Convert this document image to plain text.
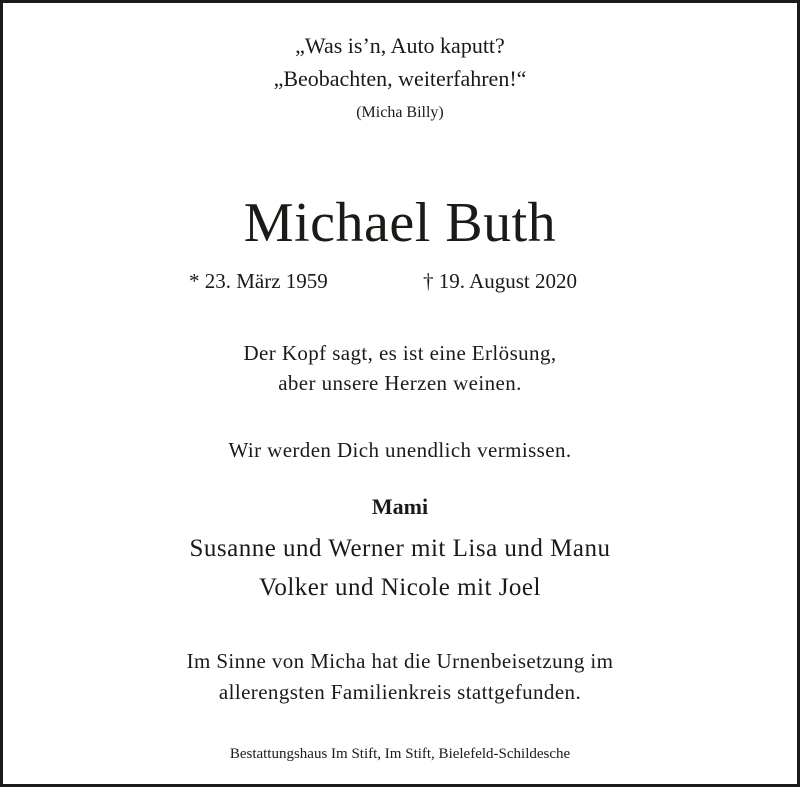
„Was is’n, Auto kaputt?
„Beobachten, weiterfahren!“
(Micha Billy)
Michael Buth
* 23. März 1959	† 19. August 2020
Der Kopf sagt, es ist eine Erlösung,
aber unsere Herzen weinen.
Wir werden Dich unendlich vermissen.
Mami
Susanne und Werner mit Lisa und Manu
Volker und Nicole mit Joel
Im Sinne von Micha hat die Urnenbeisetzung im
allerengsten Familienkreis stattgefunden.
Bestattungshaus Im Stift, Im Stift, Bielefeld-Schildesche
